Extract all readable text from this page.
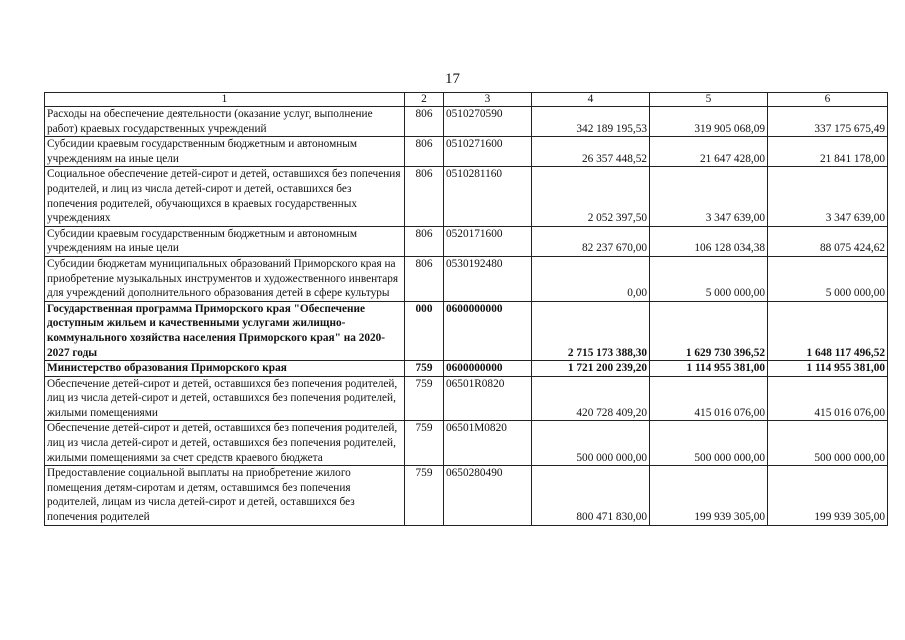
17
1	2	3	4	5	6
Расходы на обеспечение деятельности (оказание услуг, выполнение работ) краевых государственных учреждений	806	0510270590	342 189 195,53	319 905 068,09	337 175 675,49
Субсидии краевым государственным бюджетным и автономным учреждениям на иные цели	806	0510271600	26 357 448,52	21 647 428,00	21 841 178,00
Социальное обеспечение детей-сирот и детей, оставшихся без попечения родителей, и лиц из числа детей-сирот и детей, оставшихся без попечения родителей, обучающихся в краевых государственных учреждениях	806	0510281160	2 052 397,50	3 347 639,00	3 347 639,00
Субсидии краевым государственным бюджетным и автономным учреждениям на иные цели	806	0520171600	82 237 670,00	106 128 034,38	88 075 424,62
Субсидии бюджетам муниципальных образований Приморского края на приобретение музыкальных инструментов и художественного инвентаря для учреждений дополнительного образования детей в сфере культуры	806	0530192480	0,00	5 000 000,00	5 000 000,00
Государственная программа Приморского края "Обеспечение доступным жильем и качественными услугами жилищно-коммунального хозяйства населения Приморского края" на 2020-2027 годы	000	0600000000	2 715 173 388,30	1 629 730 396,52	1 648 117 496,52
Министерство образования Приморского края	759	0600000000	1 721 200 239,20	1 114 955 381,00	1 114 955 381,00
Обеспечение детей-сирот и детей, оставшихся без попечения родителей, лиц из числа детей-сирот и детей, оставшихся без попечения родителей, жилыми помещениями	759	06501R0820	420 728 409,20	415 016 076,00	415 016 076,00
Обеспечение детей-сирот и детей, оставшихся без попечения родителей, лиц из числа детей-сирот и детей, оставшихся без попечения родителей, жилыми помещениями за счет средств краевого бюджета	759	06501M0820	500 000 000,00	500 000 000,00	500 000 000,00
Предоставление социальной выплаты на приобретение жилого помещения детям-сиротам и детям, оставшимся без попечения родителей, лицам из числа детей-сирот и детей, оставшихся без попечения родителей	759	0650280490	800 471 830,00	199 939 305,00	199 939 305,00
